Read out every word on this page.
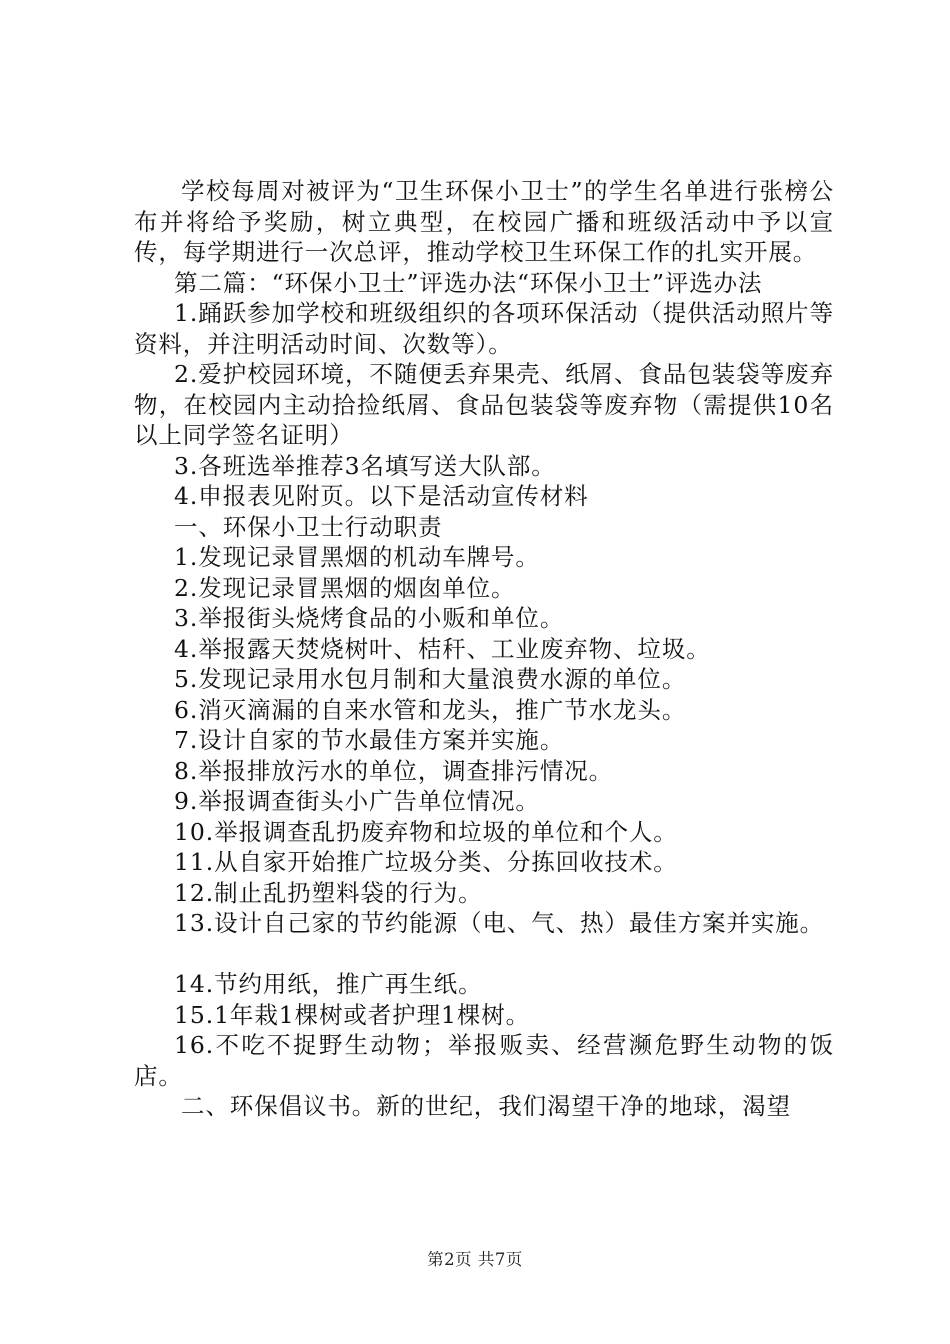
学校每周对被评为“卫生环保小卫士”的学生名单进行张榜公布并将给予奖励，树立典型，在校园广播和班级活动中予以宣传，每学期进行一次总评，推动学校卫生环保工作的扎实开展。

第二篇：“环保小卫士”评选办法“环保小卫士”评选办法

1.踊跃参加学校和班级组织的各项环保活动（提供活动照片等资料，并注明活动时间、次数等）。

2.爱护校园环境，不随便丢弃果壳、纸屑、食品包装袋等废弃物，在校园内主动拾捡纸屑、食品包装袋等废弃物（需提供10名以上同学签名证明）

3.各班选举推荐3名填写送大队部。

4.申报表见附页。以下是活动宣传材料

一、环保小卫士行动职责

1.发现记录冒黑烟的机动车牌号。

2.发现记录冒黑烟的烟囱单位。

3.举报街头烧烤食品的小贩和单位。

4.举报露天焚烧树叶、桔秆、工业废弃物、垃圾。

5.发现记录用水包月制和大量浪费水源的单位。

6.消灭滴漏的自来水管和龙头，推广节水龙头。

7.设计自家的节水最佳方案并实施。

8.举报排放污水的单位，调查排污情况。

9.举报调查街头小广告单位情况。

10.举报调查乱扔废弃物和垃圾的单位和个人。

11.从自家开始推广垃圾分类、分拣回收技术。

12.制止乱扔塑料袋的行为。

13.设计自己家的节约能源（电、气、热）最佳方案并实施。

14.节约用纸，推广再生纸。

15.1年栽1棵树或者护理1棵树。

16.不吃不捉野生动物；举报贩卖、经营濒危野生动物的饭店。

二、环保倡议书。新的世纪，我们渴望干净的地球，渴望

第2页 共7页
